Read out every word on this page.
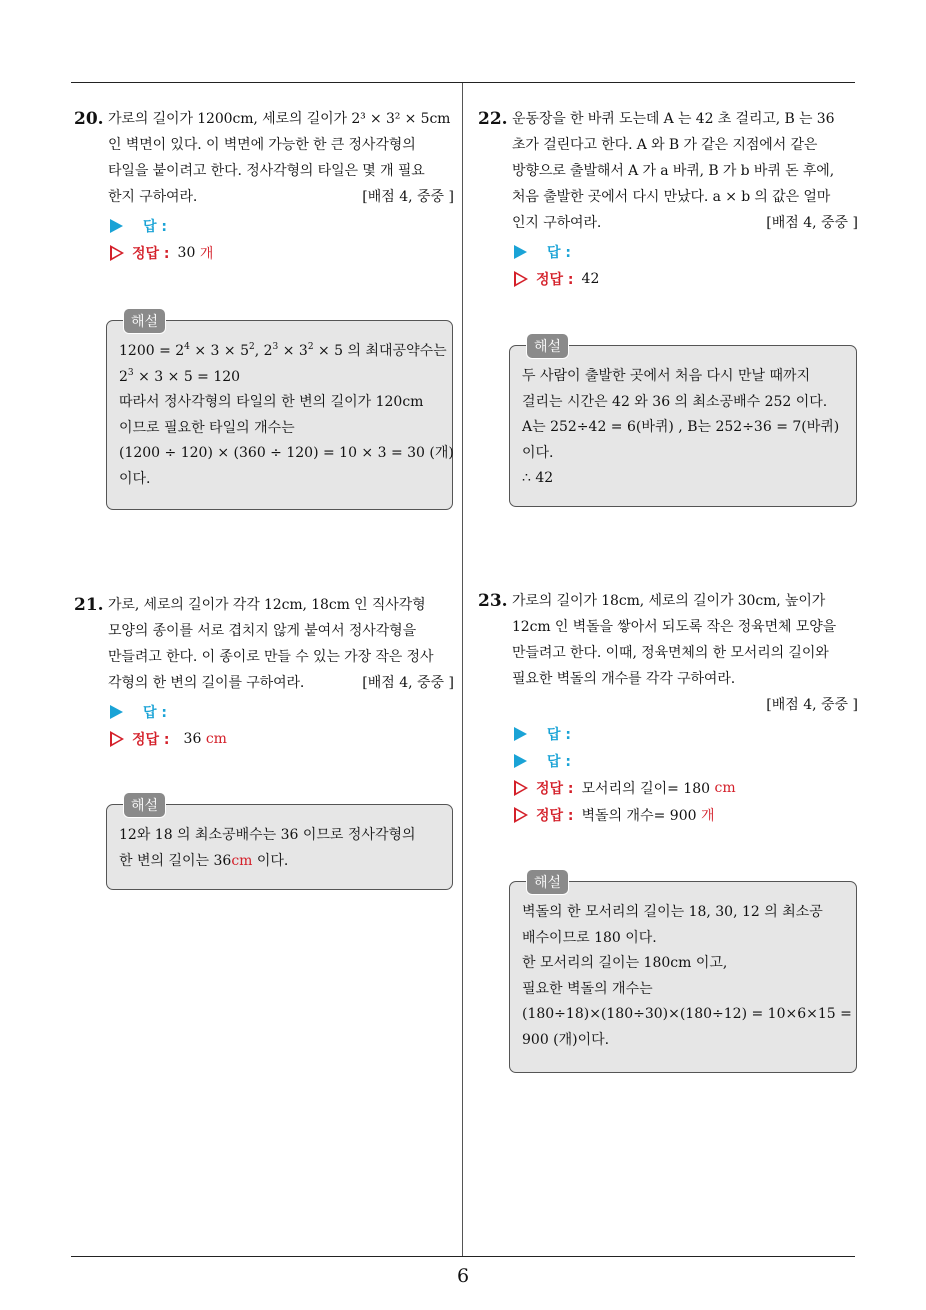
6
20. 가로의 길이가 1200cm, 세로의 길이가 2³ × 3² × 5cm
인 벽면이 있다. 이 벽면에 가능한 한 큰 정사각형의
타일을 붙이려고 한다. 정사각형의 타일은 몇 개 필요
한지 구하여라.	[배점 4, 중중 ]
답 :
정답 : 30
개
해설
$1200 = 2^4 \times 3 \times 5^2$, $2^3 \times 3^2 \times 5$ 의 최대공약수는
$2^3 \times 3 \times 5 = 120$
따라서 정사각형의 타일의 한 변의 길이가 120cm
이므로 필요한 타일의 개수는
(1200 ÷ 120) × (360 ÷ 120) = 10 × 3 = 30 (개)
이다.
21. 가로, 세로의 길이가 각각 12cm, 18cm 인 직사각형
모양의 종이를 서로 겹치지 않게 붙여서 정사각형을
만들려고 한다. 이 종이로 만들 수 있는 가장 작은 정사
각형의 한 변의 길이를 구하여라.	[배점 4, 중중 ]
답 :
정답 : 36
cm
해설
12와 18 의 최소공배수는 36 이므로 정사각형의
한 변의 길이는 36cm 이다.
22. 운동장을 한 바퀴 도는데 A 는 42 초 걸리고, B 는 36
초가 걸린다고 한다. A 와 B 가 같은 지점에서 같은
방향으로 출발해서 A 가 a 바퀴, B 가 b 바퀴 돈 후에,
처음 출발한 곳에서 다시 만났다. a × b 의 값은 얼마
인지 구하여라.	[배점 4, 중중 ]
답 :
정답 : 42
해설
두 사람이 출발한 곳에서 처음 다시 만날 때까지
걸리는 시간은 42 와 36 의 최소공배수 252 이다.
A는 252÷42 = 6(바퀴) , B는 252÷36 = 7(바퀴)
이다.
∴ 42
23. 가로의 길이가 18cm, 세로의 길이가 30cm, 높이가
12cm 인 벽돌을 쌓아서 되도록 작은 정육면체 모양을
만들려고 한다. 이때, 정육면체의 한 모서리의 길이와
필요한 벽돌의 개수를 각각 구하여라.
[배점 4, 중중 ]
답 :
답 :
정답 : 모서리의 길이= 180
cm
정답 : 벽돌의 개수= 900
개
해설
벽돌의 한 모서리의 길이는 18, 30, 12 의 최소공
배수이므로 180 이다.
한 모서리의 길이는 180cm 이고,
필요한 벽돌의 개수는
(180÷18)×(180÷30)×(180÷12) = 10×6×15 =
900 (개)이다.
